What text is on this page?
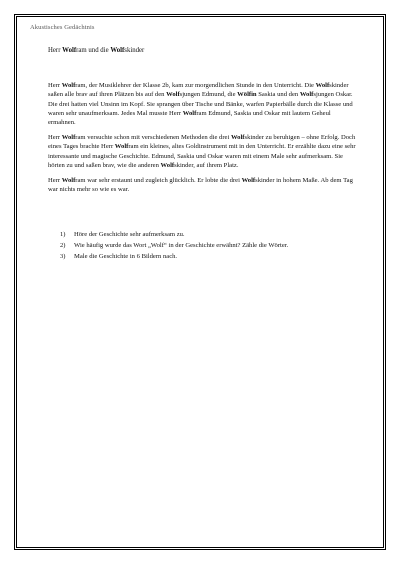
Akustisches Gedächtnis
Herr Wolfram und die Wolfskinder

Herr Wolfram, der Musiklehrer der Klasse 2b, kam zur morgendlichen Stunde in den Unterricht. Die Wolfskinder saßen alle brav auf ihren Plätzen bis auf den Wolfsjungen Edmund, die Wölfin Saskia und den Wolfsjungen Oskar. Die drei hatten viel Unsinn im Kopf. Sie sprangen über Tische und Bänke, warfen Papierbälle durch die Klasse und waren sehr unaufmerksam. Jedes Mal musste Herr Wolfram Edmund, Saskia und Oskar mit lautem Geheul ermahnen.

Herr Wolfram versuchte schon mit verschiedenen Methoden die drei Wolfskinder zu beruhigen – ohne Erfolg. Doch eines Tages brachte Herr Wolfram ein kleines, altes Goldinstrument mit in den Unterricht. Er erzählte dazu eine sehr interessante und magische Geschichte. Edmund, Saskia und Oskar waren mit einem Male sehr aufmerksam. Sie hörten zu und saßen brav, wie die anderen Wolfskinder, auf ihrem Platz.

Herr Wolfram war sehr erstaunt und zugleich glücklich. Er lobte die drei Wolfskinder in hohem Maße. Ab dem Tag war nichts mehr so wie es war.

1)	Höre der Geschichte sehr aufmerksam zu.
2)	Wie häufig wurde das Wort „Wolf“ in der Geschichte erwähnt? Zähle die Wörter.
3)	Male die Geschichte in 6 Bildern nach.
